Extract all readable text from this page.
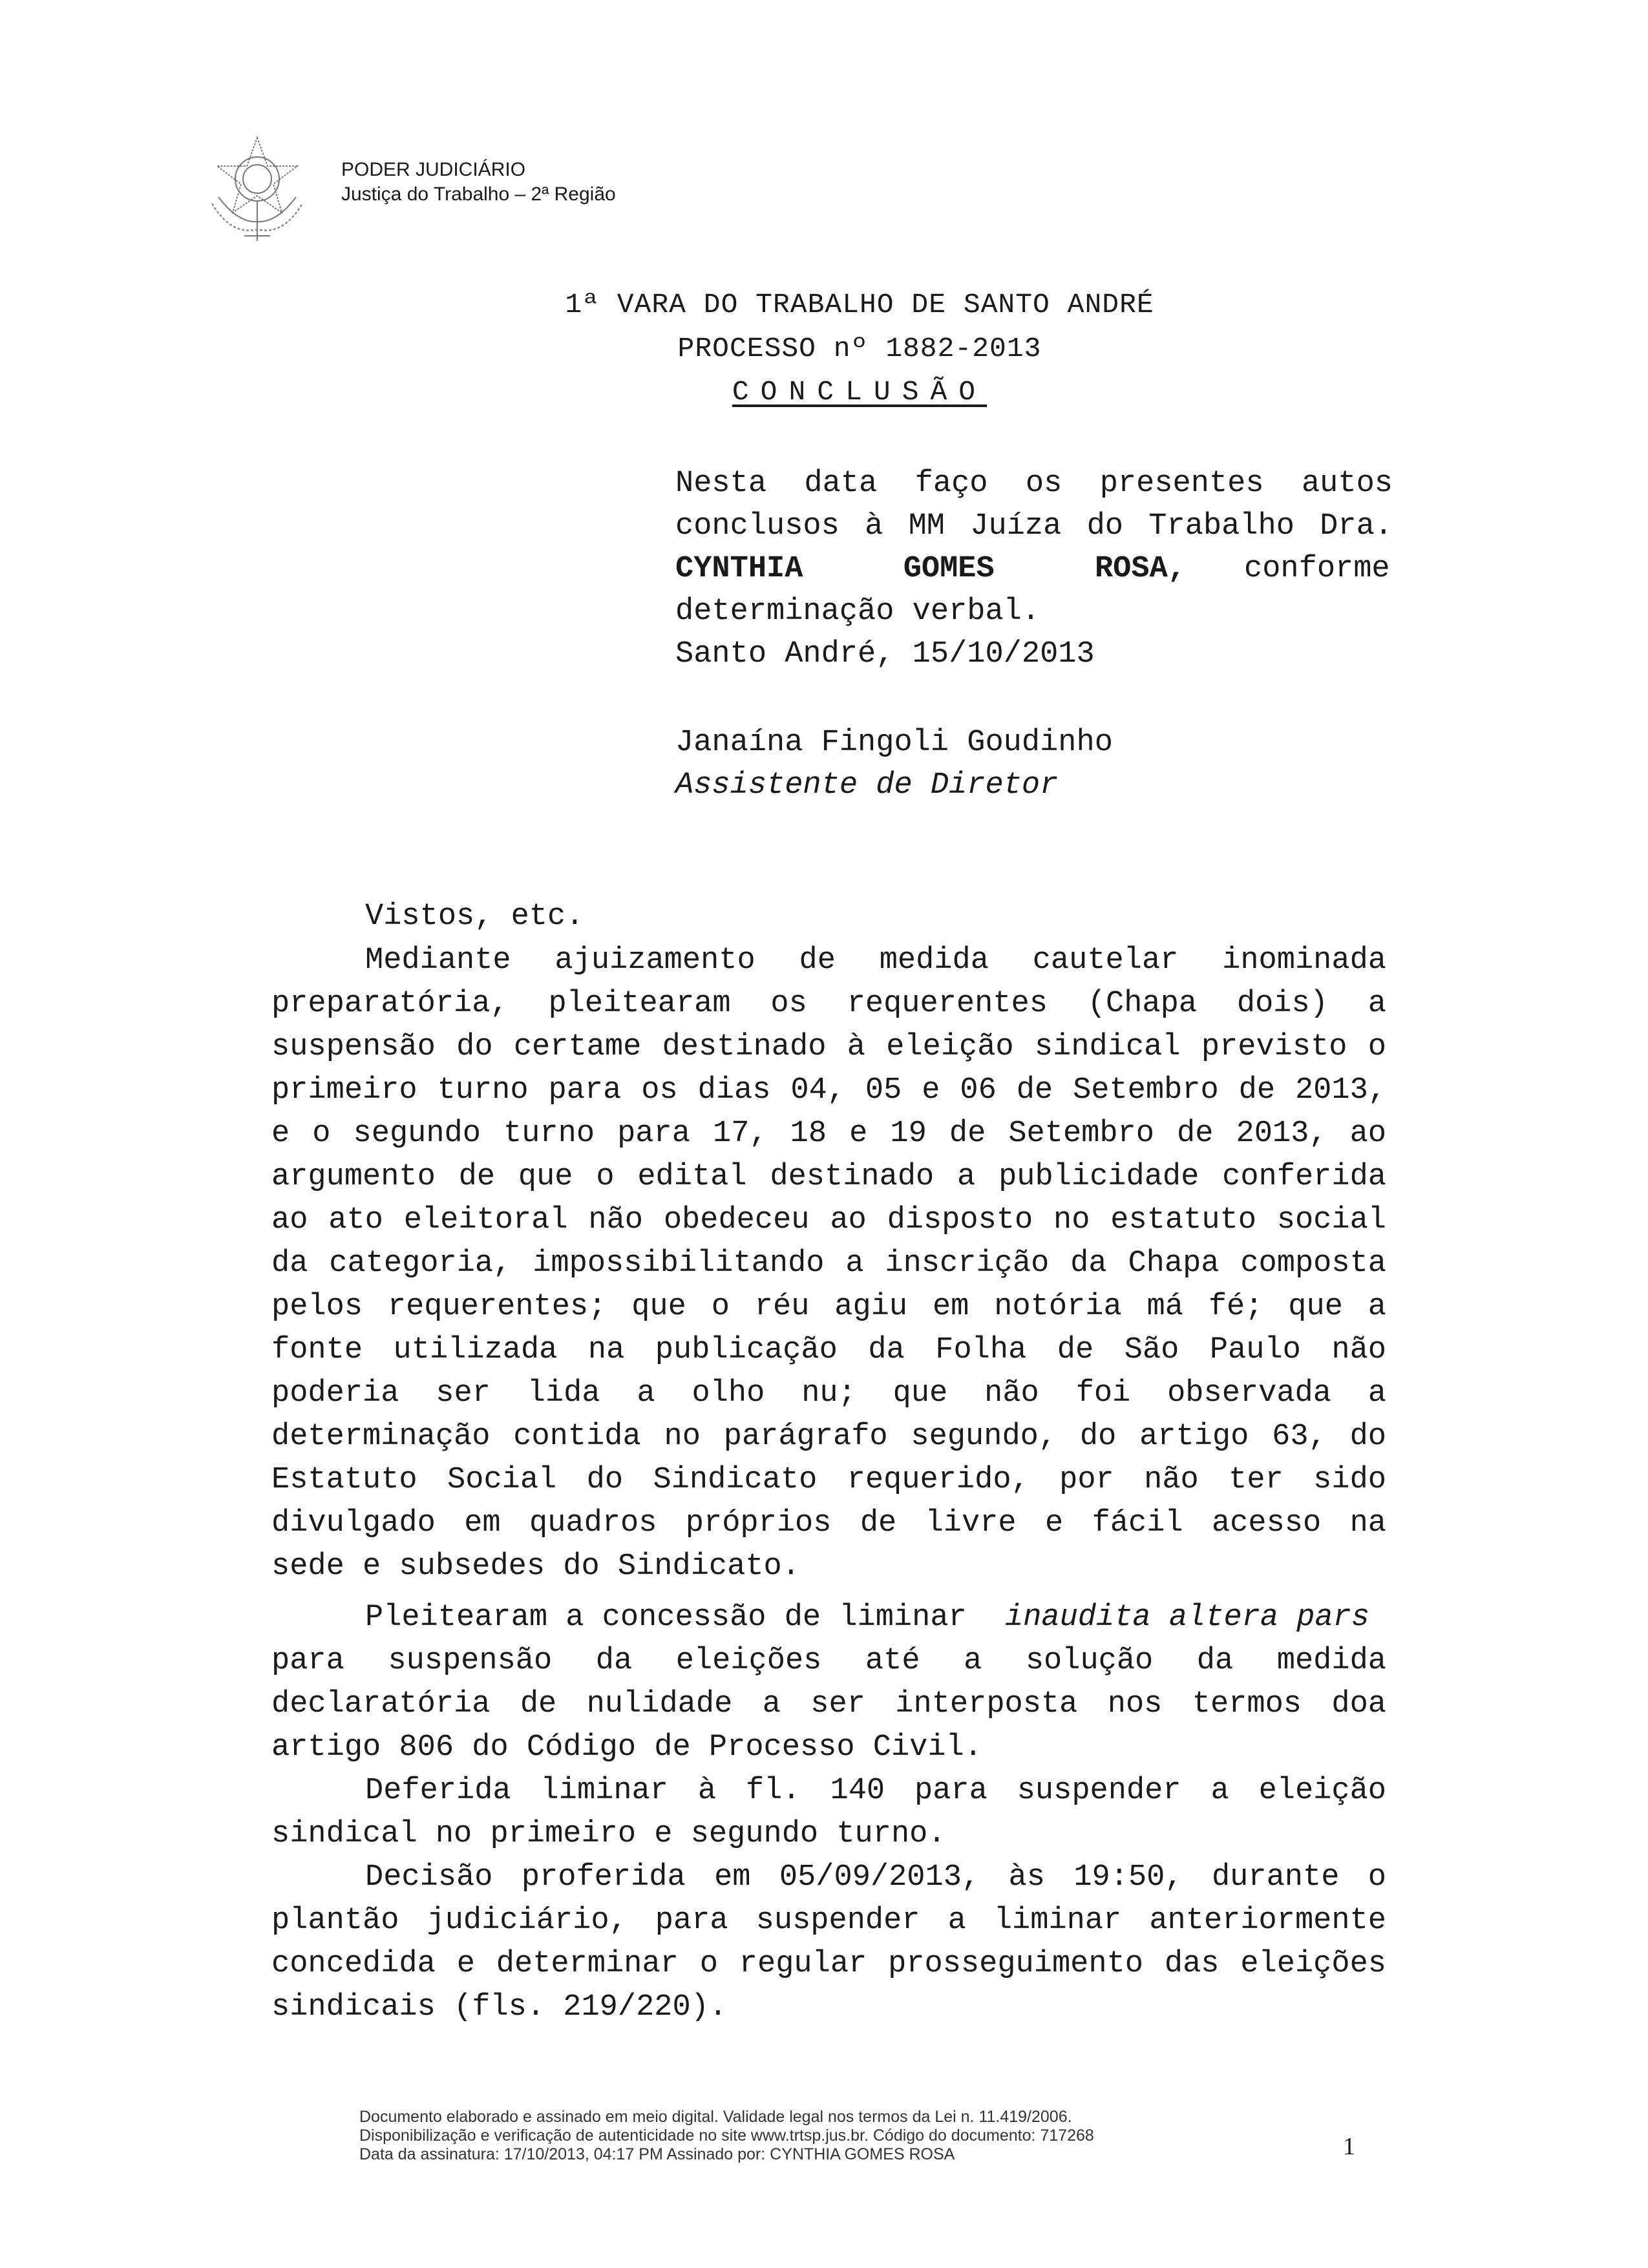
PODER JUDICIÁRIO
Justiça do Trabalho – 2ª Região
1ª VARA DO TRABALHO DE SANTO ANDRÉ
PROCESSO nº 1882-2013
CONCLUSÃO
Nesta data faço os presentes autos
conclusos à MM Juíza do Trabalho Dra.
CYNTHIA GOMES ROSA, conforme
determinação verbal.
Santo André, 15/10/2013
Janaína Fingoli Goudinho
Assistente de Diretor
Vistos, etc.
Mediante ajuizamento de medida cautelar inominada
preparatória, pleitearam os requerentes (Chapa dois) a
suspensão do certame destinado à eleição sindical previsto o
primeiro turno para os dias 04, 05 e 06 de Setembro de 2013,
e o segundo turno para 17, 18 e 19 de Setembro de 2013, ao
argumento de que o edital destinado a publicidade conferida
ao ato eleitoral não obedeceu ao disposto no estatuto social
da categoria, impossibilitando a inscrição da Chapa composta
pelos requerentes; que o réu agiu em notória má fé; que a
fonte utilizada na publicação da Folha de São Paulo não
poderia ser lida a olho nu; que não foi observada a
determinação contida no parágrafo segundo, do artigo 63, do
Estatuto Social do Sindicato requerido, por não ter sido
divulgado em quadros próprios de livre e fácil acesso na
sede e subsedes do Sindicato.
Pleitearam a concessão de liminar inaudita altera pars
para suspensão da eleições até a solução da medida
declaratória de nulidade a ser interposta nos termos doa
artigo 806 do Código de Processo Civil.
Deferida liminar à fl. 140 para suspender a eleição
sindical no primeiro e segundo turno.
Decisão proferida em 05/09/2013, às 19:50, durante o
plantão judiciário, para suspender a liminar anteriormente
concedida e determinar o regular prosseguimento das eleições
sindicais (fls. 219/220).
Documento elaborado e assinado em meio digital. Validade legal nos termos da Lei n. 11.419/2006.
Disponibilização e verificação de autenticidade no site www.trtsp.jus.br. Código do documento: 717268
Data da assinatura: 17/10/2013, 04:17 PM Assinado por: CYNTHIA GOMES ROSA	1
